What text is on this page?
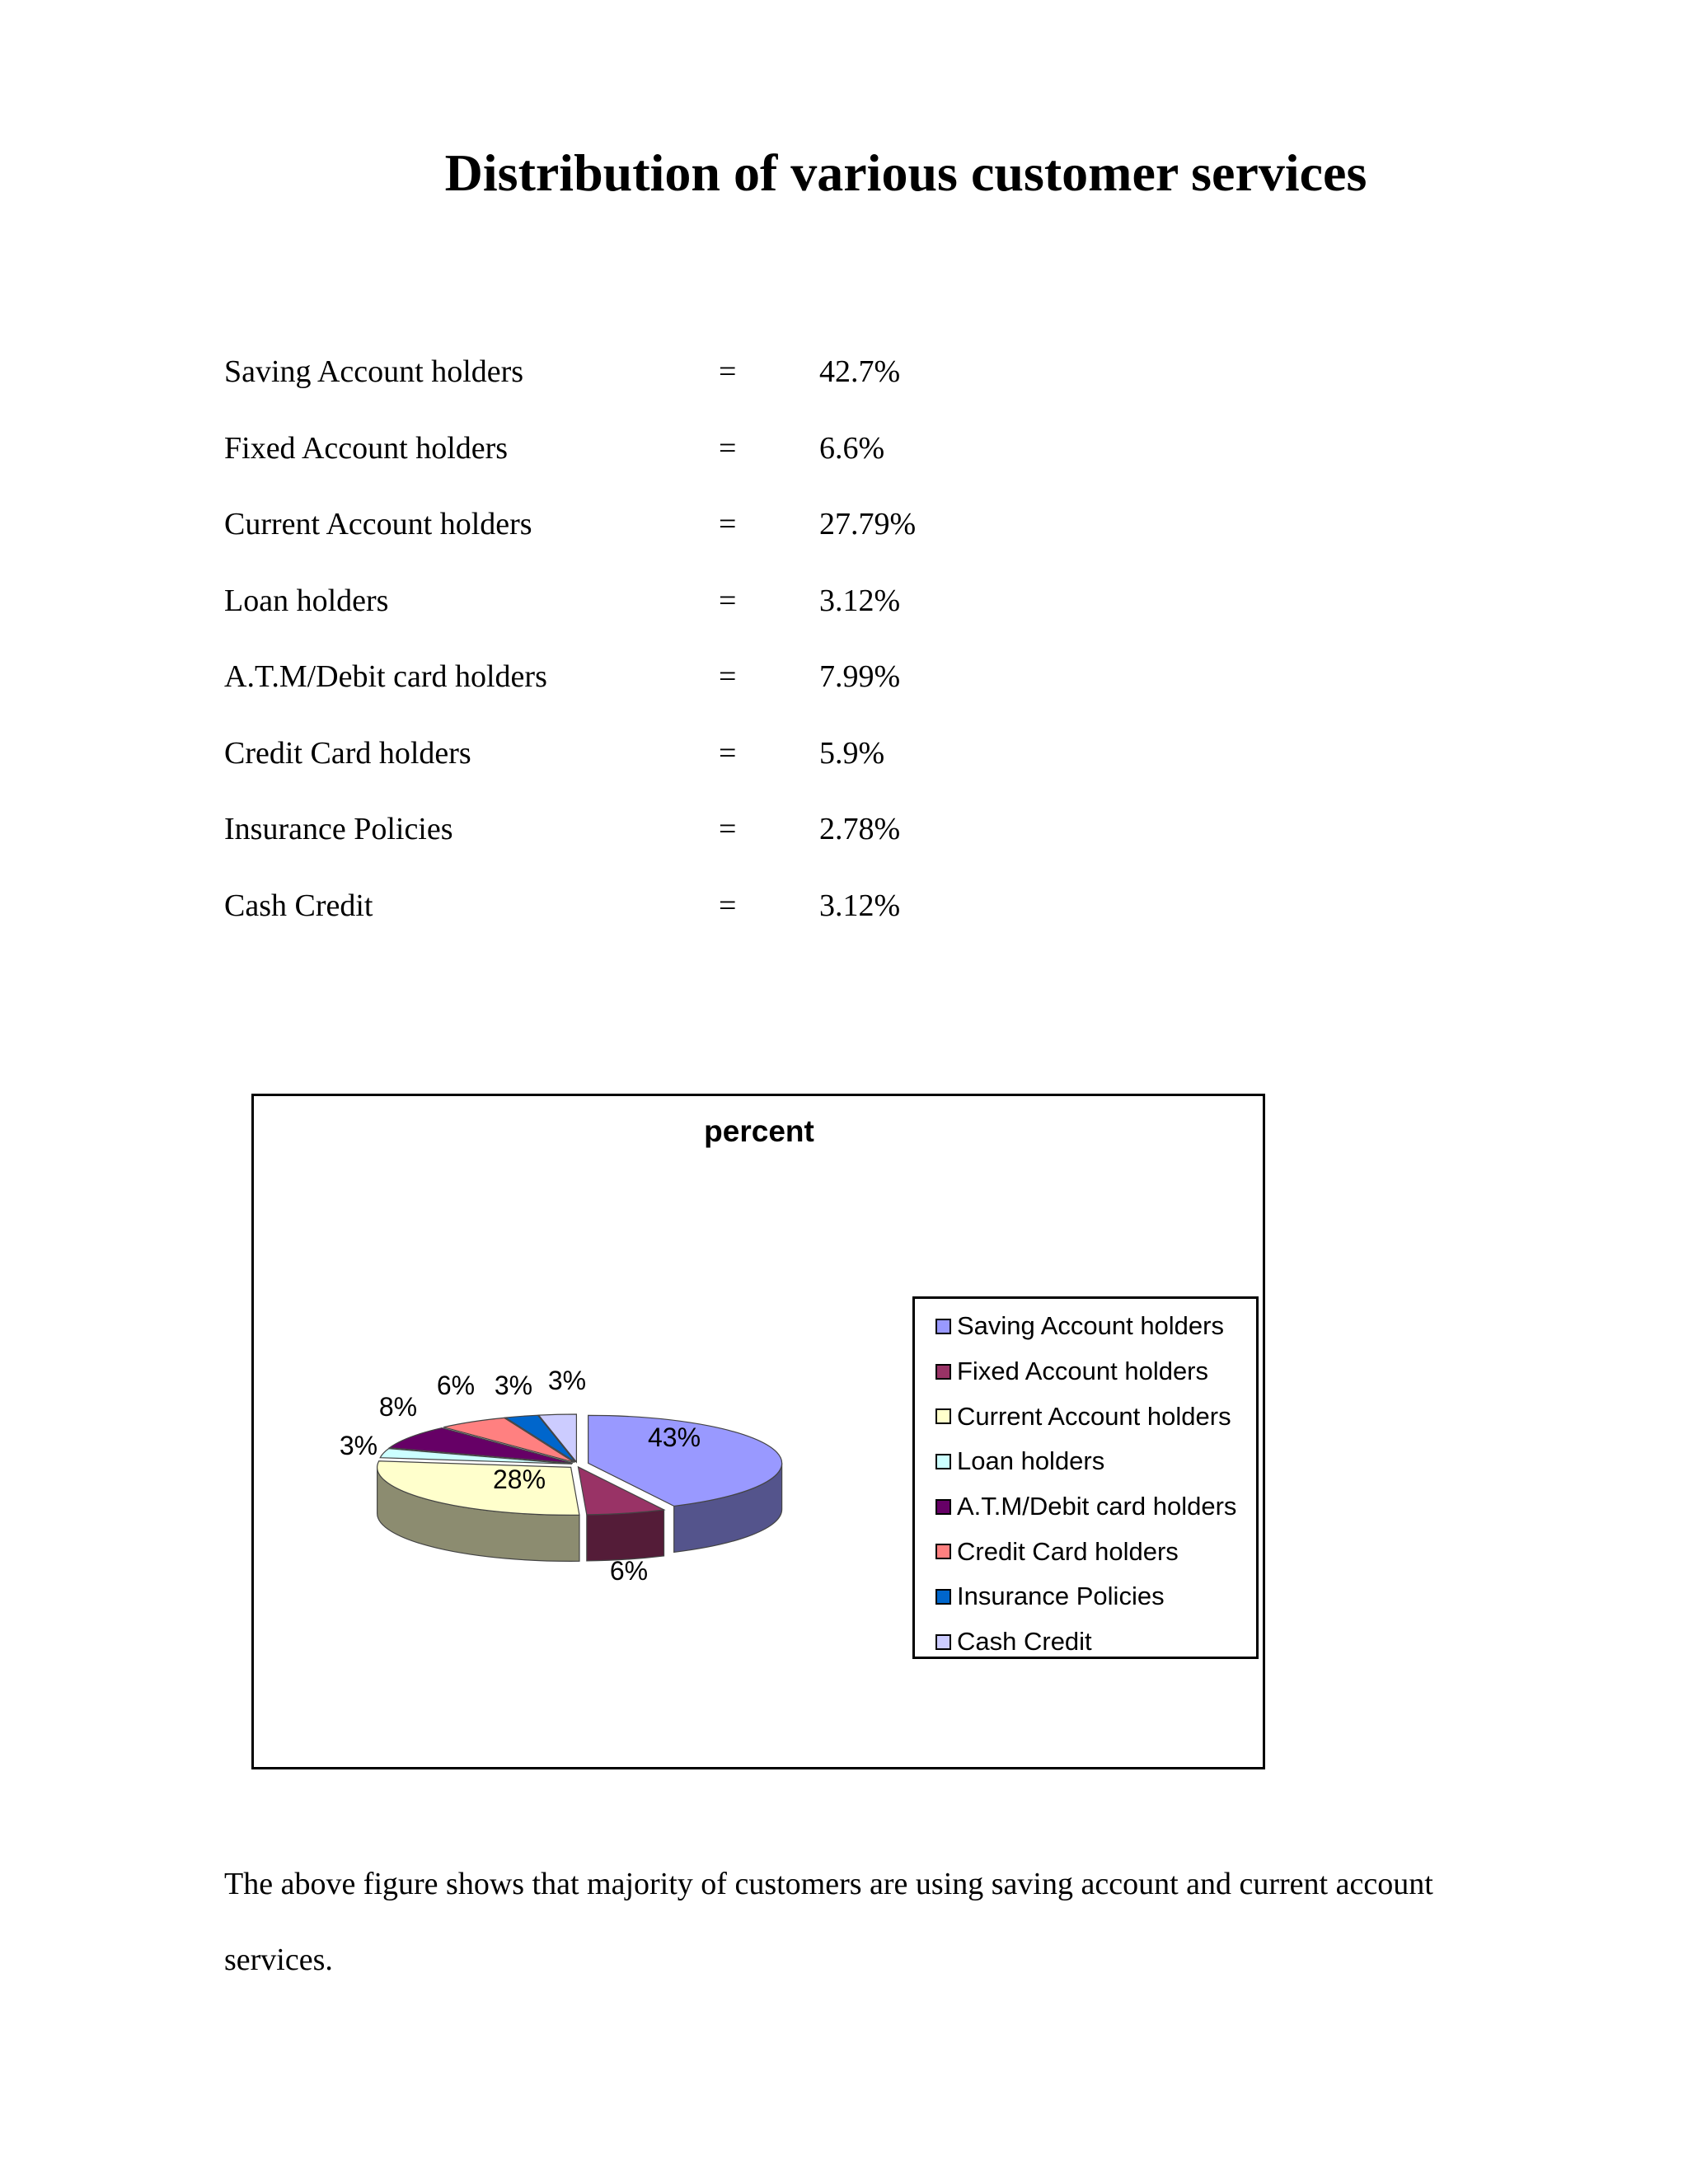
Distribution of various customer services
Saving Account holders	=	42.7%
Fixed Account holders	=	6.6%
Current Account holders	=	27.79%
Loan holders	=	3.12%
A.T.M/Debit card holders	=	7.99%
Credit Card holders	=	5.9%
Insurance Policies	=	2.78%
Cash Credit	=	3.12%
percent
43%
6%
28%
3%
8%
6% 3% 3%
Saving Account holders
Fixed Account holders
Current Account holders
Loan holders
A.T.M/Debit card holders
Credit Card holders
Insurance Policies
Cash Credit

The above figure shows that majority of customers are using saving account and current account services.
